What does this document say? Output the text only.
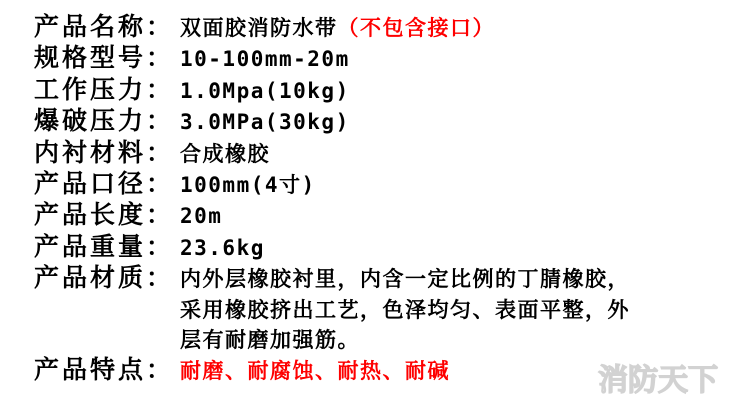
产品名称： 双面胶消防水带 （不包含接口）
规格型号： 10-100mm-20m
工作压力： 1.0Mpa(10kg)
爆破压力： 3.0MPa(30kg)
内衬材料： 合成橡胶
产品口径： 100mm(4寸)
产品长度： 20m
产品重量： 23.6kg
产品材质： 内外层橡胶衬里，内含一定比例的丁腈橡胶，
采用橡胶挤出工艺，色泽均匀、表面平整，外
层有耐磨加强筋。
产品特点： 耐磨、耐腐蚀、耐热、耐碱	消防天下
